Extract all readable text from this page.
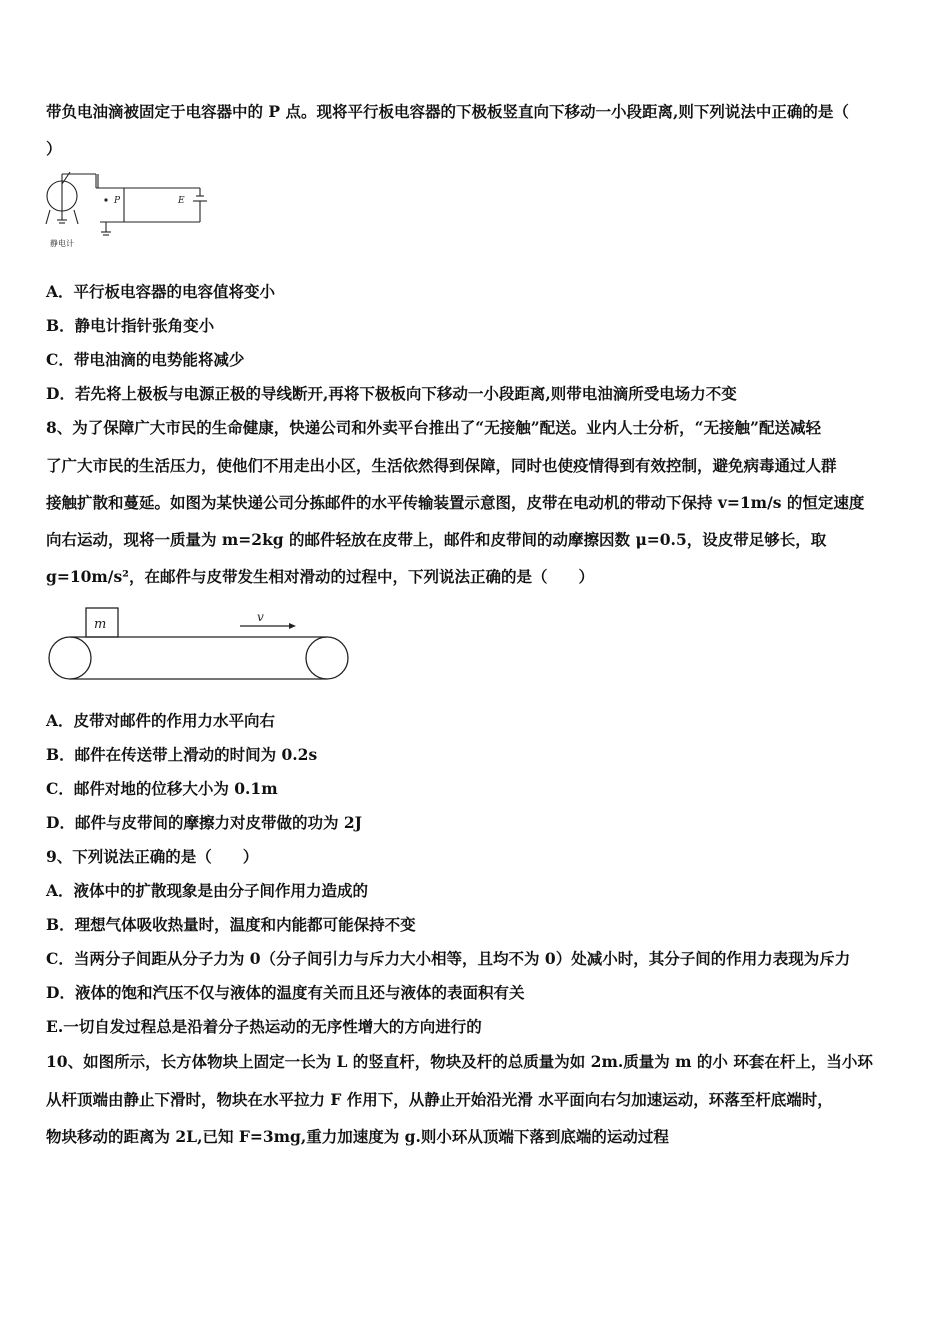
带负电油滴被固定于电容器中的 P 点。现将平行板电容器的下极板竖直向下移动一小段距离,则下列说法中正确的是（
）
静电计
P	E
A．平行板电容器的电容值将变小
B．静电计指针张角变小
C．带电油滴的电势能将减少
D．若先将上极板与电源正极的导线断开,再将下极板向下移动一小段距离,则带电油滴所受电场力不变
8、为了保障广大市民的生命健康，快递公司和外卖平台推出了“无接触”配送。业内人士分析，“无接触”配送减轻
了广大市民的生活压力，使他们不用走出小区，生活依然得到保障，同时也使疫情得到有效控制，避免病毒通过人群
接触扩散和蔓延。如图为某快递公司分拣邮件的水平传输装置示意图，皮带在电动机的带动下保持 v=1m/s 的恒定速度
向右运动，现将一质量为 m=2kg 的邮件轻放在皮带上，邮件和皮带间的动摩擦因数 μ=0.5，设皮带足够长，取
g=10m/s²，在邮件与皮带发生相对滑动的过程中，下列说法正确的是（　　）
m	v
A．皮带对邮件的作用力水平向右
B．邮件在传送带上滑动的时间为 0.2s
C．邮件对地的位移大小为 0.1m
D．邮件与皮带间的摩擦力对皮带做的功为 2J
9、下列说法正确的是（　　）
A．液体中的扩散现象是由分子间作用力造成的
B．理想气体吸收热量时，温度和内能都可能保持不变
C．当两分子间距从分子力为 0（分子间引力与斥力大小相等，且均不为 0）处减小时，其分子间的作用力表现为斥力
D．液体的饱和汽压不仅与液体的温度有关而且还与液体的表面积有关
E.一切自发过程总是沿着分子热运动的无序性增大的方向进行的
10、如图所示，长方体物块上固定一长为 L 的竖直杆，物块及杆的总质量为如 2m.质量为 m 的小 环套在杆上，当小环
从杆顶端由静止下滑时，物块在水平拉力 F 作用下，从静止开始沿光滑 水平面向右匀加速运动，环落至杆底端时，
物块移动的距离为 2L,已知 F=3mg,重力加速度为 g.则小环从顶端下落到底端的运动过程
